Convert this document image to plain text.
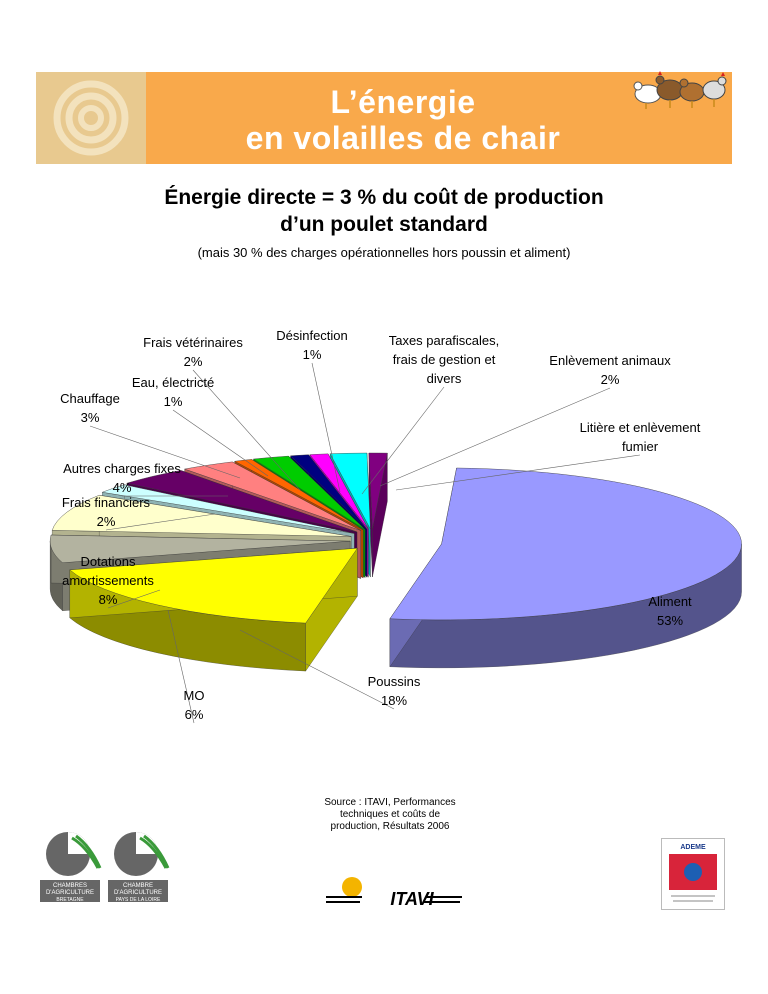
L’énergie
en volailles de chair
Énergie directe = 3 % du coût de production
d’un poulet standard
(mais 30 % des charges opérationnelles hors poussin et aliment)
Aliment 53%
Poussins 18%
MO 6%
Dotations amortissements 8%
Frais financiers 2%
Autres charges fixes 4%
Chauffage 3%
Eau, électricté 1%
Frais vétérinaires 2%
Désinfection 1%
Taxes parafiscales, frais de gestion et divers
Enlèvement animaux 2%
Litière et enlèvement fumier
Source : ITAVI, Performances
techniques et coûts de
production, Résultats 2006
CHAMBRES
D'AGRICULTURE
BRETAGNE
CHAMBRE
D'AGRICULTURE
PAYS DE LA LOIRE	ITAVI
ADEME
